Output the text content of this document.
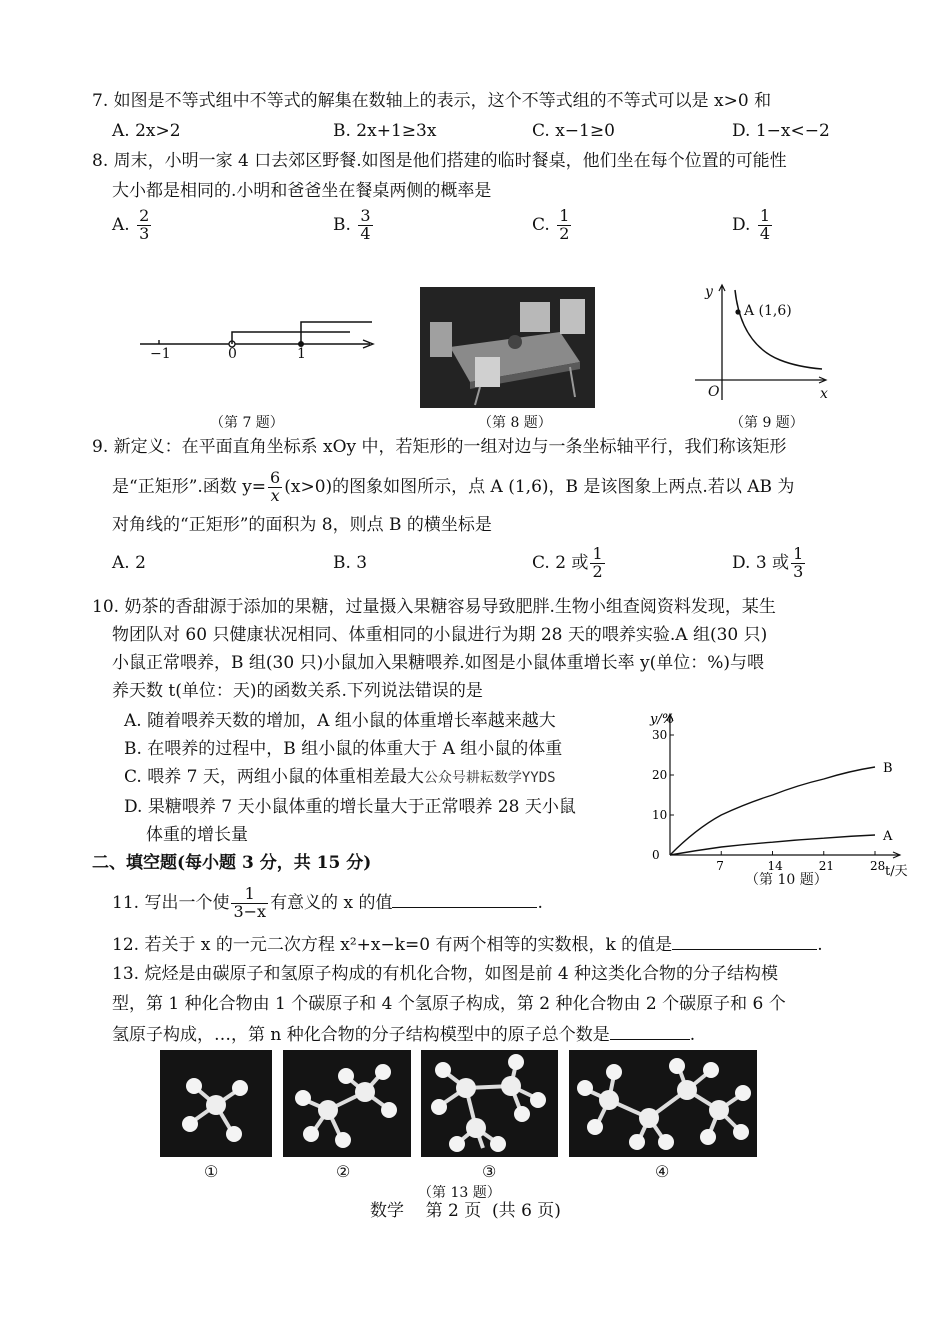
7. 如图是不等式组中不等式的解集在数轴上的表示，这个不等式组的不等式可以是 x>0 和
A. 2x>2	B. 2x+1≥3x	C. x−1≥0	D. 1−x<−2
8. 周末，小明一家 4 口去郊区野餐.如图是他们搭建的临时餐桌，他们坐在每个位置的可能性
大小都是相同的.小明和爸爸坐在餐桌两侧的概率是
A. $\frac{2}{3}$	B. $\frac{3}{4}$	C. $\frac{1}{2}$	D. $\frac{1}{4}$
−1	0	1
（第 7 题）	（第 8 题）
y
A (1,6)
O	x
（第 9 题）
9. 新定义：在平面直角坐标系 xOy 中，若矩形的一组对边与一条坐标轴平行，我们称该矩形
是“正矩形”.函数 $y= \frac{6}{x} (x>0)$的图象如图所示，点 A (1,6)，B 是该图象上两点.若以 AB 为
对角线的“正矩形”的面积为 8，则点 B 的横坐标是
A. 2	B. 3	C. 2 或 $\frac{1}{2}$	D. 3 或 $\frac{1}{3}$
10. 奶茶的香甜源于添加的果糖，过量摄入果糖容易导致肥胖.生物小组查阅资料发现，某生
物团队对 60 只健康状况相同、体重相同的小鼠进行为期 28 天的喂养实验.A 组(30 只)
小鼠正常喂养，B 组(30 只)小鼠加入果糖喂养.如图是小鼠体重增长率 y(单位：%)与喂
养天数 t(单位：天)的函数关系.下列说法错误的是
A. 随着喂养天数的增加，A 组小鼠的体重增长率越来越大
B. 在喂养的过程中，B 组小鼠的体重大于 A 组小鼠的体重
C. 喂养 7 天，两组小鼠的体重相差最大公众号耕耘数学YYDS
D. 果糖喂养 7 天小鼠体重的增长量大于正常喂养 28 天小鼠
体重的增长量
y/%
t/天
7	14	21	28
0
10
20
30
B
A
（第 10 题）
二、填空题(每小题 3 分，共 15 分)
11. 写出一个使 $\frac{1}{3-x}$ 有意义的 x 的值	.
12. 若关于 x 的一元二次方程 x²+x−k=0 有两个相等的实数根，k 的值是	.
13. 烷烃是由碳原子和氢原子构成的有机化合物，如图是前 4 种这类化合物的分子结构模
型，第 1 种化合物由 1 个碳原子和 4 个氢原子构成，第 2 种化合物由 2 个碳原子和 6 个
氢原子构成，…，第 n 种化合物的分子结构模型中的原子总个数是	.
①	②	③	④
（第 13 题）
数学    第 2 页  (共 6 页)
